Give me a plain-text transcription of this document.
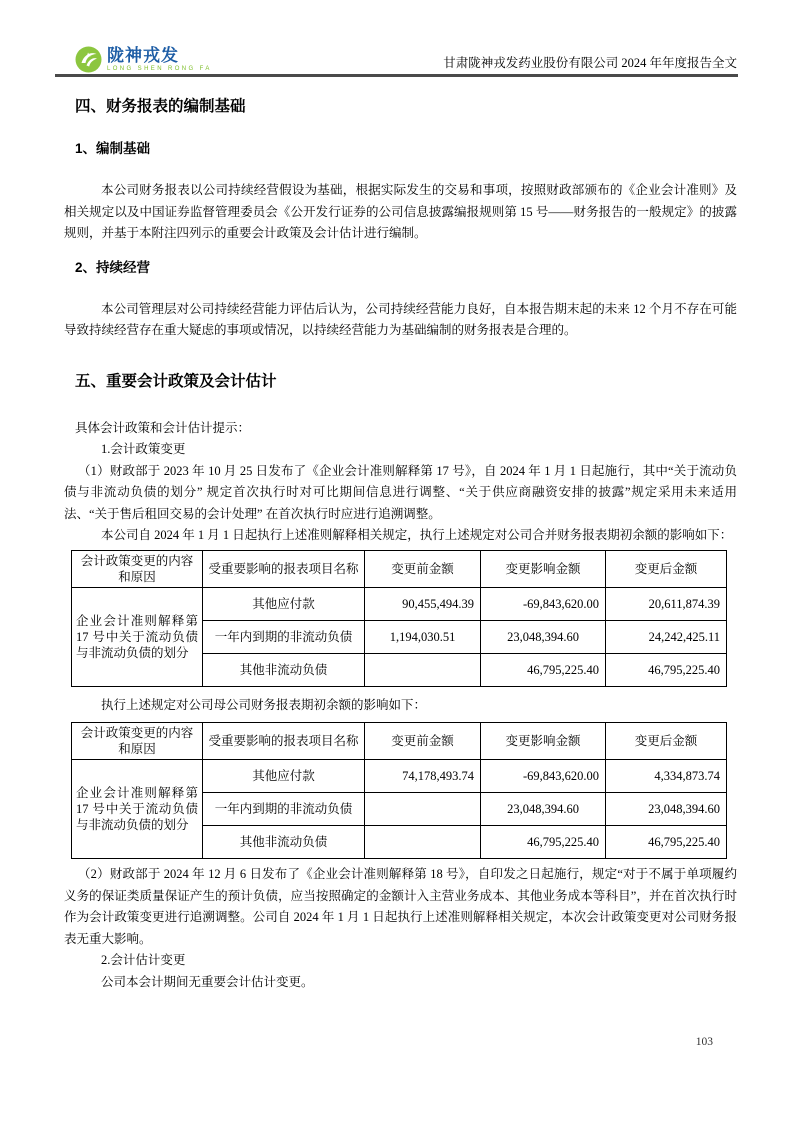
陇神戎发
LONG SHEN RONG FA	甘肃陇神戎发药业股份有限公司 2024 年年度报告全文
四、财务报表的编制基础
1、编制基础

本公司财务报表以公司持续经营假设为基础，根据实际发生的交易和事项，按照财政部颁布的《企业会计准则》及相关规定以及中国证券监督管理委员会《公开发行证券的公司信息披露编报规则第 15 号——财务报告的一般规定》的披露规则，并基于本附注四列示的重要会计政策及会计估计进行编制。

2、持续经营

本公司管理层对公司持续经营能力评估后认为，公司持续经营能力良好，自本报告期末起的未来 12 个月不存在可能导致持续经营存在重大疑虑的事项或情况，以持续经营能力为基础编制的财务报表是合理的。

五、重要会计政策及会计估计

具体会计政策和会计估计提示：

1.会计政策变更

（1）财政部于 2023 年 10 月 25 日发布了《企业会计准则解释第 17 号》，自 2024 年 1 月 1 日起施行，其中“关于流动负债与非流动负债的划分” 规定首次执行时对可比期间信息进行调整、“关于供应商融资安排的披露”规定采用未来适用法、“关于售后租回交易的会计处理” 在首次执行时应进行追溯调整。

本公司自 2024 年 1 月 1 日起执行上述准则解释相关规定，执行上述规定对公司合并财务报表期初余额的影响如下：

会计政策变更的内容和原因	受重要影响的报表项目名称	变更前金额	变更影响金额	变更后金额
企业会计准则解释第 17 号中关于流动负债与非流动负债的划分	其他应付款	90,455,494.39	-69,843,620.00	20,611,874.39
	一年内到期的非流动负债	1,194,030.51	23,048,394.60	24,242,425.11
	其他非流动负债		46,795,225.40	46,795,225.40

执行上述规定对公司母公司财务报表期初余额的影响如下：

会计政策变更的内容和原因	受重要影响的报表项目名称	变更前金额	变更影响金额	变更后金额
企业会计准则解释第 17 号中关于流动负债与非流动负债的划分	其他应付款	74,178,493.74	-69,843,620.00	4,334,873.74
	一年内到期的非流动负债		23,048,394.60	23,048,394.60
	其他非流动负债		46,795,225.40	46,795,225.40

（2）财政部于 2024 年 12 月 6 日发布了《企业会计准则解释第 18 号》，自印发之日起施行，规定“对于不属于单项履约义务的保证类质量保证产生的预计负债，应当按照确定的金额计入主营业务成本、其他业务成本等科目”，并在首次执行时作为会计政策变更进行追溯调整。公司自 2024 年 1 月 1 日起执行上述准则解释相关规定，本次会计政策变更对公司财务报表无重大影响。

2.会计估计变更

公司本会计期间无重要会计估计变更。

103
